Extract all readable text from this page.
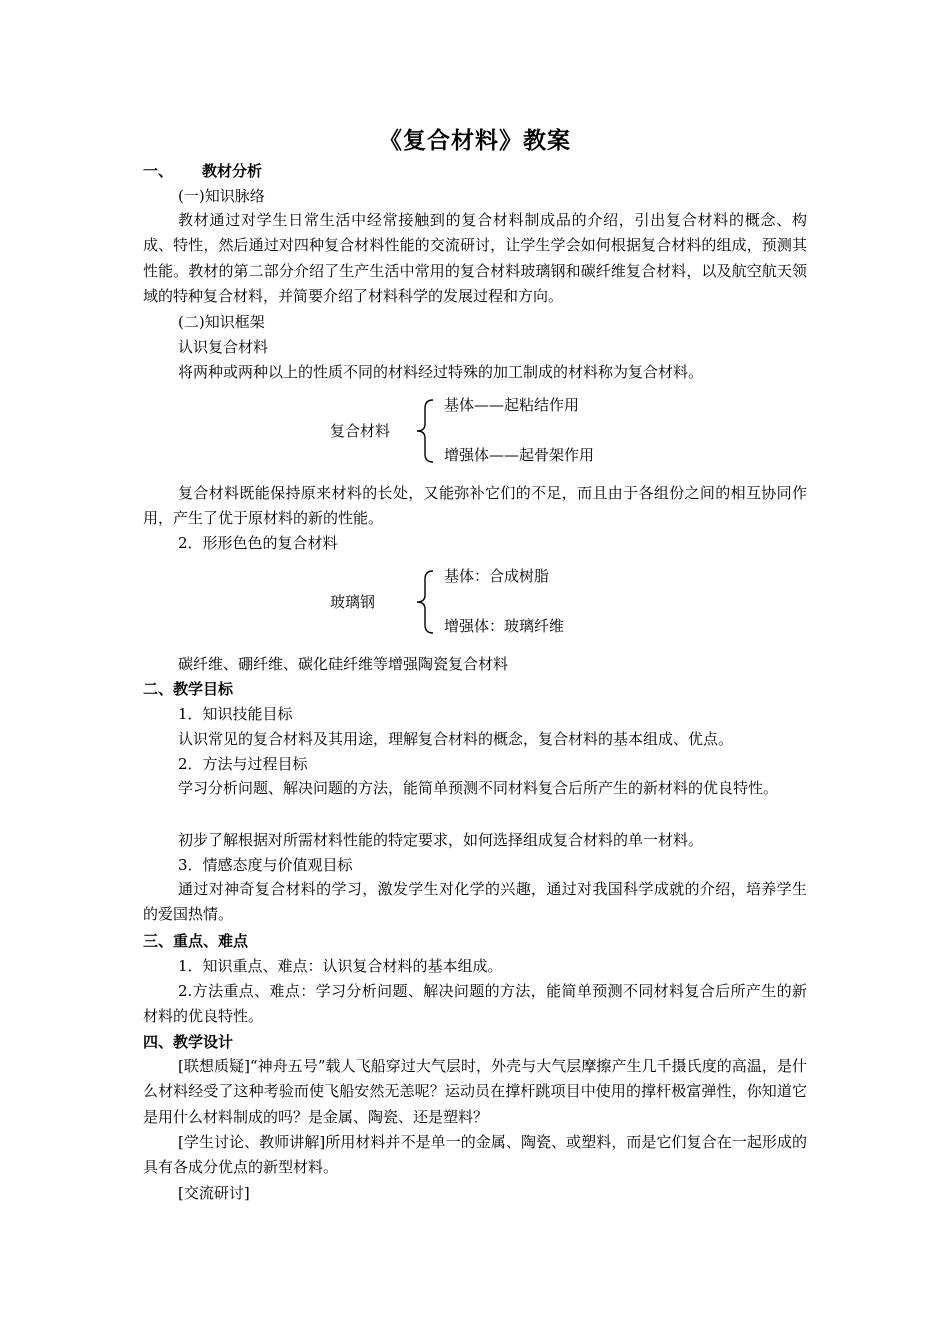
《复合材料》教案
一、 教材分析
(一)知识脉络
教材通过对学生日常生活中经常接触到的复合材料制成品的介绍，引出复合材料的概念、构成、特性，然后通过对四种复合材料性能的交流研讨，让学生学会如何根据复合材料的组成，预测其性能。教材的第二部分介绍了生产生活中常用的复合材料玻璃钢和碳纤维复合材料，以及航空航天领域的特种复合材料，并简要介绍了材料科学的发展过程和方向。
(二)知识框架
认识复合材料
将两种或两种以上的性质不同的材料经过特殊的加工制成的材料称为复合材料。
复合材料
基体——起粘结作用
增强体——起骨架作用
复合材料既能保持原来材料的长处，又能弥补它们的不足，而且由于各组份之间的相互协同作用，产生了优于原材料的新的性能。
2．形形色色的复合材料
玻璃钢
基体：合成树脂
增强体：玻璃纤维
碳纤维、硼纤维、碳化硅纤维等增强陶瓷复合材料
二、教学目标
1．知识技能目标
认识常见的复合材料及其用途，理解复合材料的概念，复合材料的基本组成、优点。
2．方法与过程目标
学习分析问题、解决问题的方法，能简单预测不同材料复合后所产生的新材料的优良特性。
初步了解根据对所需材料性能的特定要求，如何选择组成复合材料的单一材料。
3．情感态度与价值观目标
通过对神奇复合材料的学习，激发学生对化学的兴趣，通过对我国科学成就的介绍，培养学生的爱国热情。
三、重点、难点
1．知识重点、难点：认识复合材料的基本组成。
2.方法重点、难点：学习分析问题、解决问题的方法，能简单预测不同材料复合后所产生的新材料的优良特性。
四、教学设计
[联想质疑]“神舟五号”载人飞船穿过大气层时，外壳与大气层摩擦产生几千摄氏度的高温，是什么材料经受了这种考验而使飞船安然无恙呢？运动员在撑杆跳项目中使用的撑杆极富弹性，你知道它是用什么材料制成的吗？是金属、陶瓷、还是塑料？
[学生讨论、教师讲解]所用材料并不是单一的金属、陶瓷、或塑料，而是它们复合在一起形成的具有各成分优点的新型材料。
[交流研讨]
